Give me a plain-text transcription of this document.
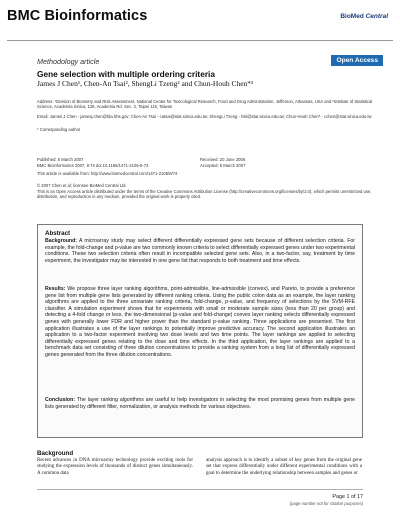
BMC Bioinformatics	BioMed Central
Methodology article	Open Access
Gene selection with multiple ordering criteria
James J Chen¹, Chen-An Tsai², ShengLi Tzeng² and Chun-Houh Chen*²
Address: ¹Division of Biometry and Risk Assessment, National Center for Toxicological Research, Food and Drug Administration, Jefferson, Arkansas, USA and ²Institute of Statistical Science, Academia Sinica, 128, Academia Rd. Sec. 2, Taipei 115, Taiwan
Email: James J Chen - jamesj.chen@fda.hhs.gov; Chen-An Tsai - catsai@stat.sinica.edu.tw; ShengLi Tzeng - hsli@stat.sinica.edu.tw; Chun-Houh Chen* - cchen@stat.sinica.edu.tw
* Corresponding author
Published: 5 March 2007
BMC Bioinformatics 2007, 8:74 doi:10.1186/1471-2105-8-74
Received: 20 June 2006
Accepted: 5 March 2007
This article is available from: http://www.biomedcentral.com/1471-2105/8/74
© 2007 Chen et al; licensee BioMed Central Ltd.
This is an Open Access article distributed under the terms of the Creative Commons Attribution License (http://creativecommons.org/licenses/by/2.0), which permits unrestricted use, distribution, and reproduction in any medium, provided the original work is properly cited.
Abstract
Background: A microarray study may select different differentially expressed gene sets because of different selection criteria. For example, the fold-change and p-value are two commonly known criteria to select differentially expressed genes under two experimental conditions. These two selection criteria often result in incompatible selected gene sets. Also, in a two-factor, say, treatment by time experiment, the investigator may be interested in one gene list that responds to both treatment and time effects.
Results: We propose three layer ranking algorithms, point-admissible, line-admissible (convex), and Pareto, to provide a preference gene list from multiple gene lists generated by different ranking criteria. Using the public colon data as an example, the layer ranking algorithms are applied to the three univariate ranking criteria, fold-change, p-value, and frequency of selections by the SVM-RFE classifier. A simulation experiment shows that for experiments with small or moderate sample sizes (less than 20 per group) and detecting a 4-fold change or less, the two-dimensional (p-value and fold-change) convex layer ranking selects differentially expressed genes with generally lower FDR and higher power than the standard p-value ranking. Three applications are presented. The first application illustrates a use of the layer rankings to potentially improve predictive accuracy. The second application illustrates an application to a two-factor experiment involving two dose levels and two time points. The layer rankings are applied to selecting differentially expressed genes relating to the dose and time effects. In the third application, the layer rankings are applied to a benchmark data set consisting of three dilution concentrations to provide a ranking system from a long list of differentially expressed genes generated from the three dilution concentrations.
Conclusion: The layer ranking algorithms are useful to help investigators in selecting the most promising genes from multiple gene lists generated by different filter, normalization, or analysis methods for various objectives.
Background
Recent advances in DNA microarray technology provide exciting tools for studying the expression levels of thousands of distinct genes simultaneously. A common data
analysis approach is to identify a subset of key genes from the original gene set that express differentially under different experimental conditions with a goal to determine the underlying relationship between samples and genes or
Page 1 of 17
(page number not for citation purposes)
